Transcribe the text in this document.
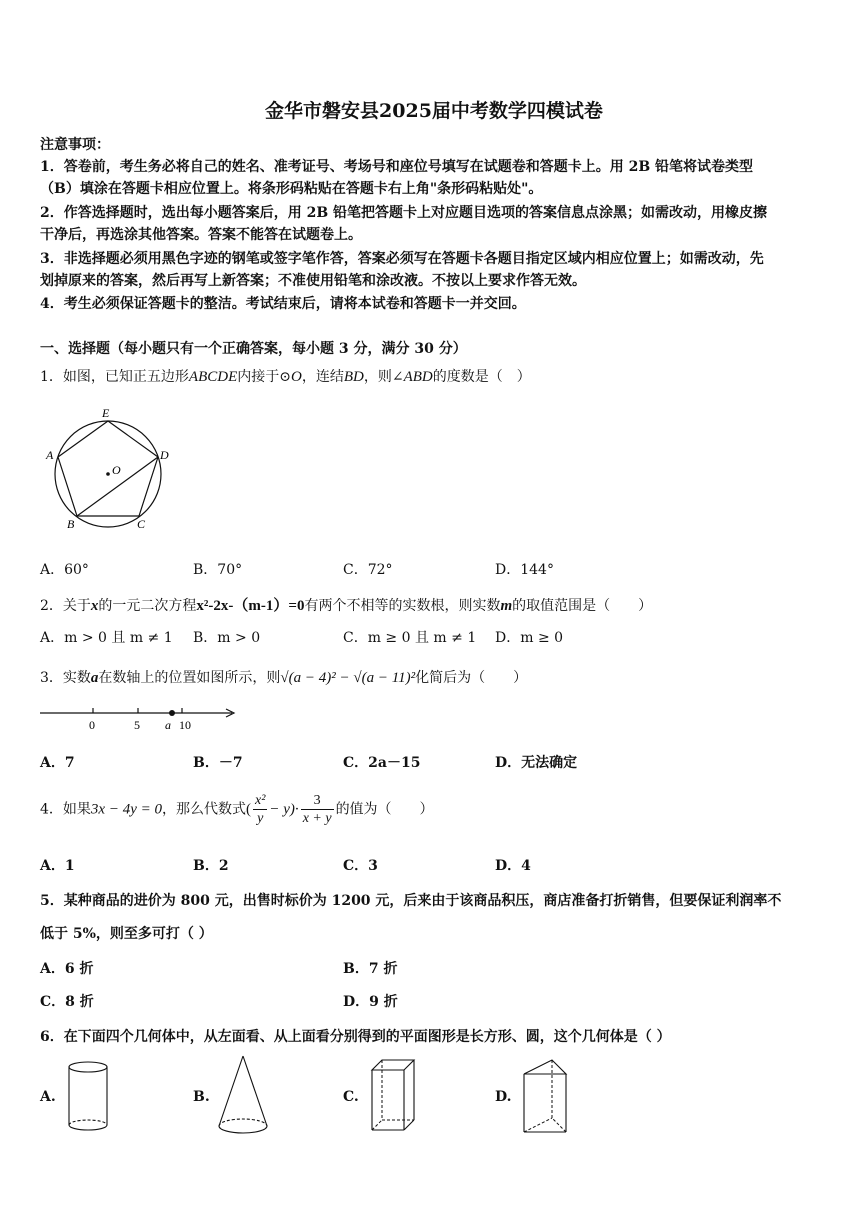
金华市磐安县2025届中考数学四模试卷
注意事项：
1．答卷前，考生务必将自己的姓名、准考证号、考场号和座位号填写在试题卷和答题卡上。用 2B 铅笔将试卷类型
（B）填涂在答题卡相应位置上。将条形码粘贴在答题卡右上角"条形码粘贴处"。
2．作答选择题时，选出每小题答案后，用 2B 铅笔把答题卡上对应题目选项的答案信息点涂黑；如需改动，用橡皮擦
干净后，再选涂其他答案。答案不能答在试题卷上。
3．非选择题必须用黑色字迹的钢笔或签字笔作答，答案必须写在答题卡各题目指定区域内相应位置上；如需改动，先
划掉原来的答案，然后再写上新答案；不准使用铅笔和涂改液。不按以上要求作答无效。
4．考生必须保证答题卡的整洁。考试结束后，请将本试卷和答题卡一并交回。
一、选择题（每小题只有一个正确答案，每小题 3 分，满分 30 分）
1．如图，已知正五边形ABCDE内接于⊙O，连结BD，则∠ABD的度数是（　）
E
A	D
B	C
O
A．60°	B．70°	C．72°	D．144°
2．关于x的一元二次方程x²-2x-（m-1）=0有两个不相等的实数根，则实数m的取值范围是（　　）
A．m > 0 且 m ≠ 1 B．m > 0	C．m ≥ 0 且 m ≠ 1 D．m ≥ 0
3．实数a在数轴上的位置如图所示，则√(a − 4)² − √(a − 11)²化简后为（　　）
0	5 a 10
A．7	B．－7	C．2a－15	D．无法确定
4．如果3x − 4y = 0，那么代数式( $\frac{\text{x²}}{y} - y)\cdot \frac{3}{x + y}$ 的值为（　　）
A．1	B．2	C．3	D．4
5．某种商品的进价为 800 元，出售时标价为 1200 元，后来由于该商品积压，商店准备打折销售，但要保证利润率不
低于 5%，则至多可打（ ）
A．6 折	B．7 折
C．8 折	D．9 折
6．在下面四个几何体中，从左面看、从上面看分别得到的平面图形是长方形、圆，这个几何体是（ ）
A.	B.	C.	D.
